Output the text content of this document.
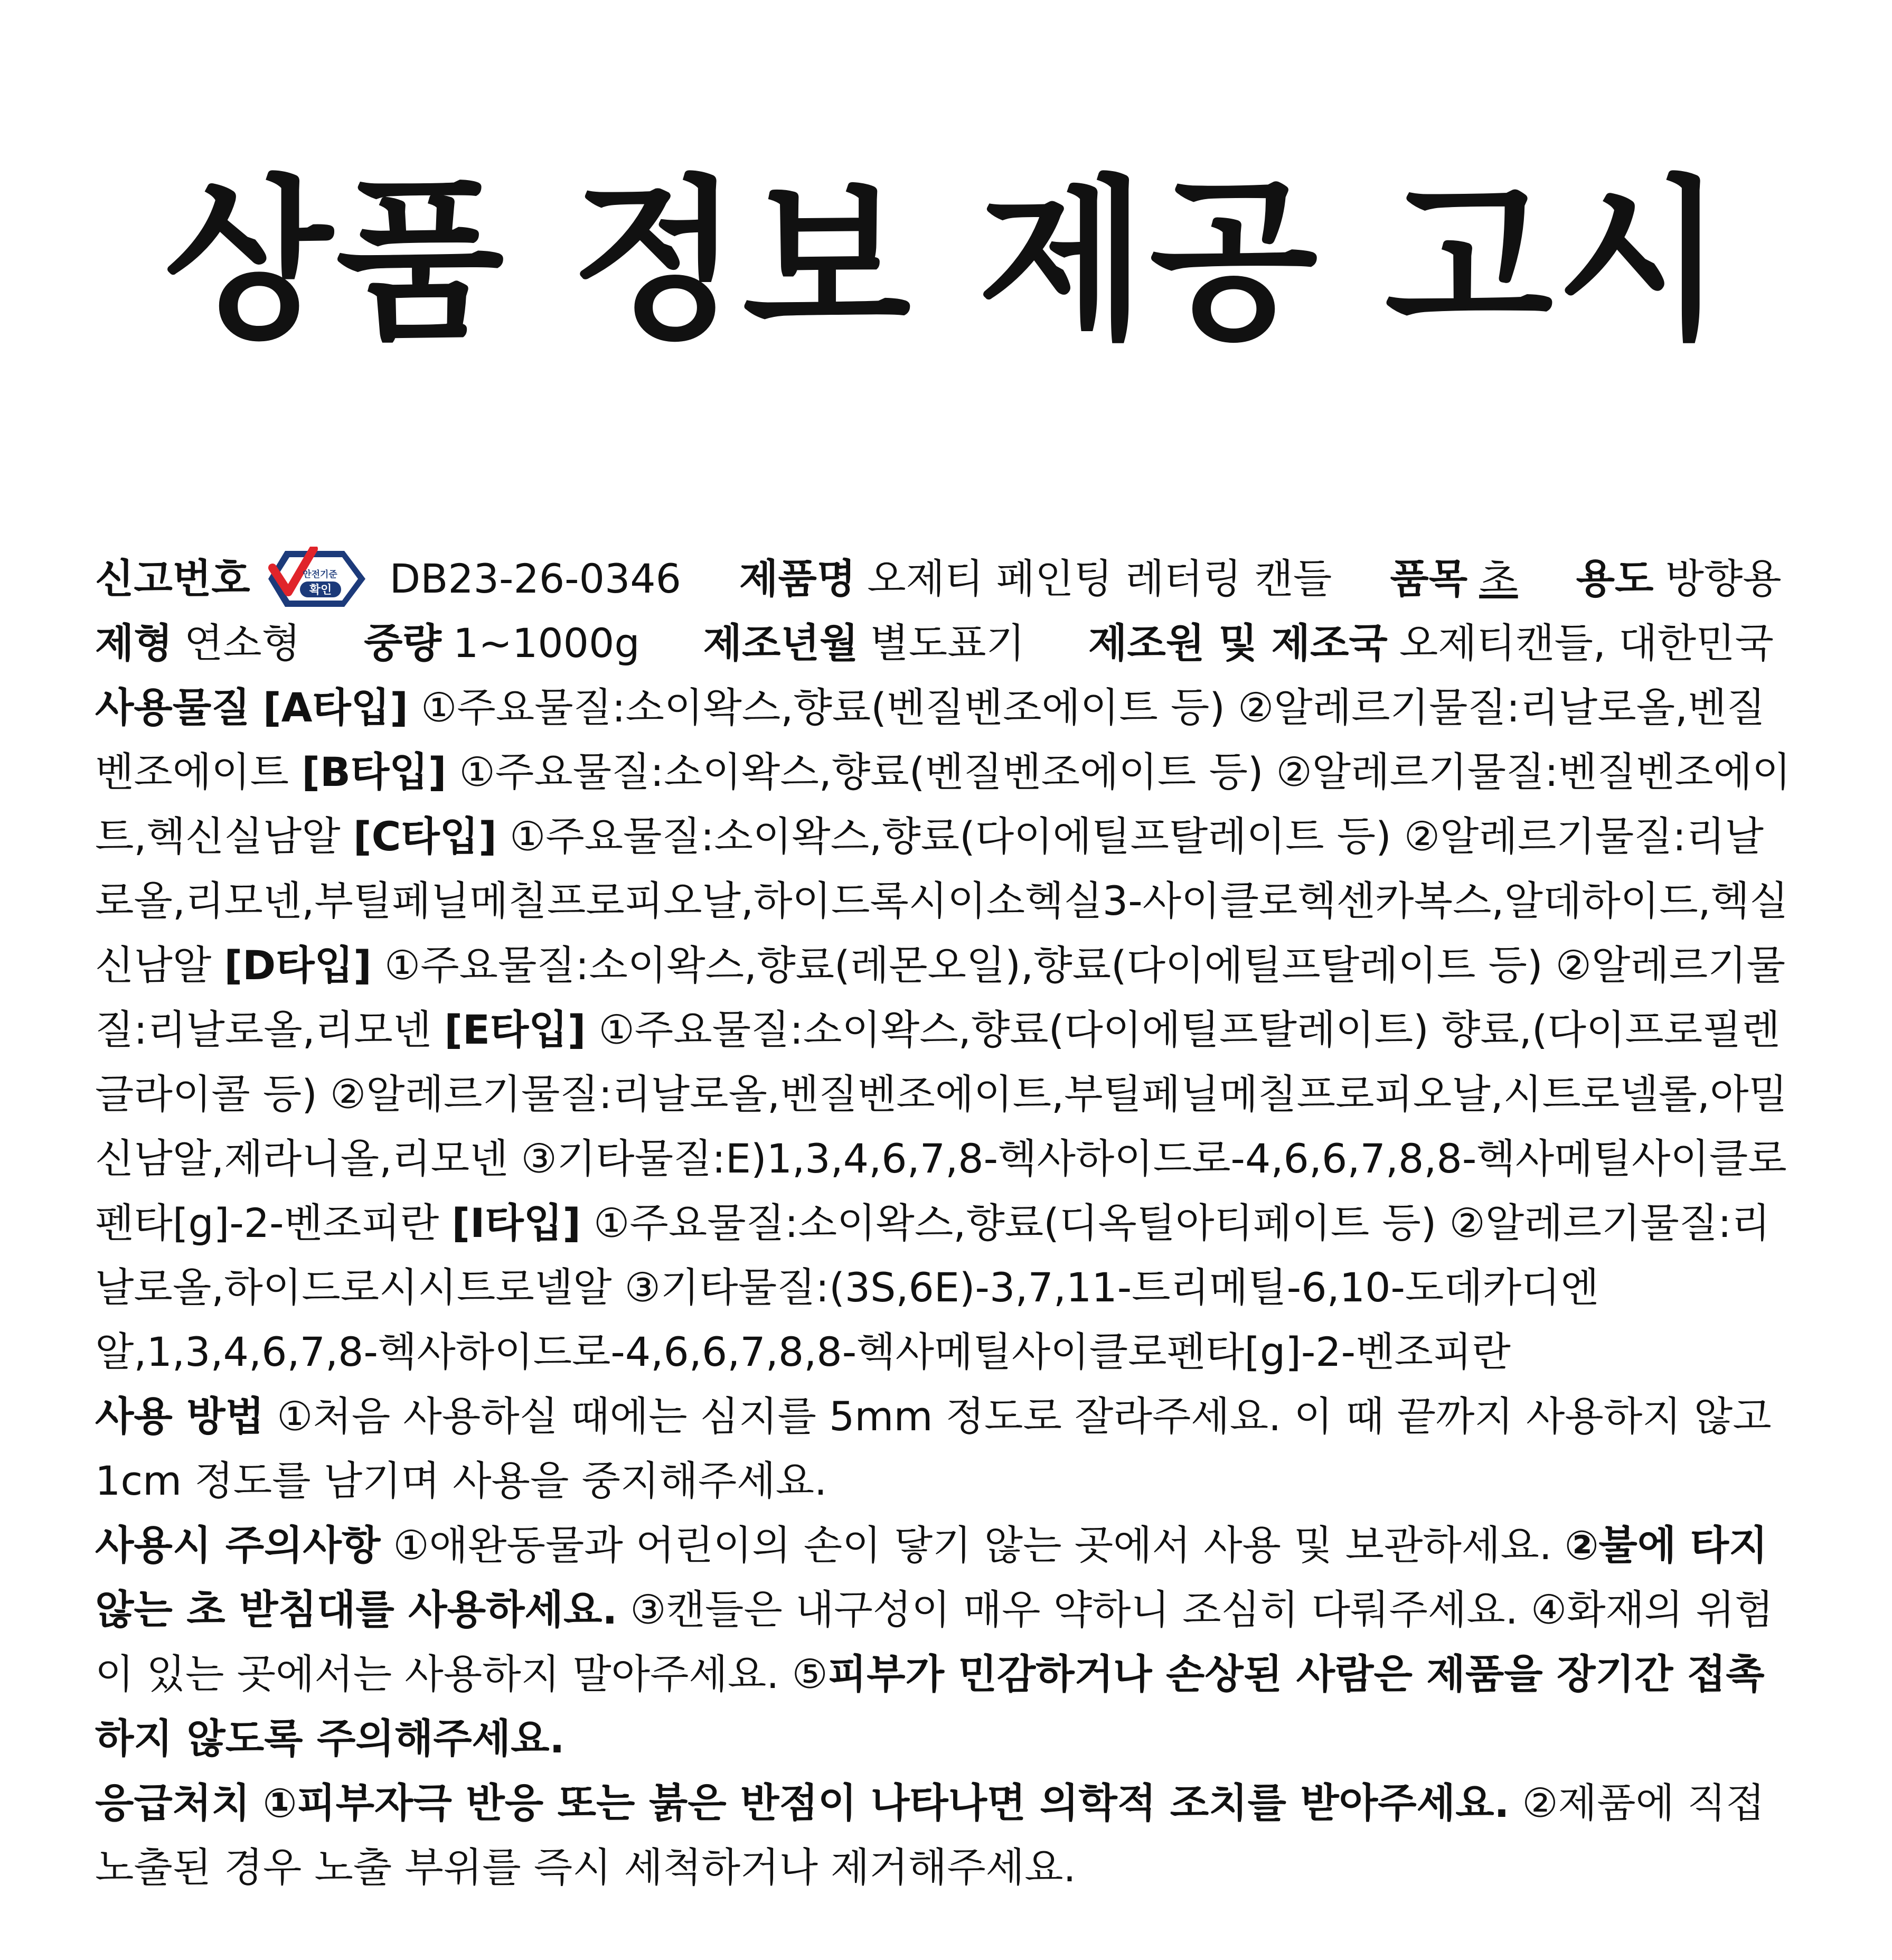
상품 정보 제공 고시
신고번호	안전기준
확인 DB23-26-0346 제품명 오제티 페인팅 레터링 캔들 품목 초 용도 방향용
제형 연소형 중량 1~1000g 제조년월 별도표기 제조원 및 제조국 오제티캔들, 대한민국

사용물질 [A타입] ①주요물질:소이왁스,향료(벤질벤조에이트 등) ②알레르기물질:리날로올,벤질벤조에이트 [B타입] ①주요물질:소이왁스,향료(벤질벤조에이트 등) ②알레르기물질:벤질벤조에이트,헥신실남알 [C타입] ①주요물질:소이왁스,향료(다이에틸프탈레이트 등) ②알레르기물질:리날로올,리모넨,부틸페닐메칠프로피오날,하이드록시이소헥실3-사이클로헥센카복스,알데하이드,헥실신남알 [D타입] ①주요물질:소이왁스,향료(레몬오일),향료(다이에틸프탈레이트 등) ②알레르기물질:리날로올,리모넨 [E타입] ①주요물질:소이왁스,향료(다이에틸프탈레이트) 향료,(다이프로필렌글라이콜 등) ②알레르기물질:리날로올,벤질벤조에이트,부틸페닐메칠프로피오날,시트로넬롤,아밀신남알,제라니올,리모넨 ③기타물질:E)1,3,4,6,7,8-헥사하이드로-4,6,6,7,8,8-헥사메틸사이클로펜타[g]-2-벤조피란 [I타입] ①주요물질:소이왁스,향료(디옥틸아티페이트 등) ②알레르기물질:리날로올,하이드로시시트로넬알 ③기타물질:(3S,6E)-3,7,11-트리메틸-6,10-도데카디엔알,1,3,4,6,7,8-헥사하이드로-4,6,6,7,8,8-헥사메틸사이클로펜타[g]-2-벤조피란

사용 방법 ①처음 사용하실 때에는 심지를 5mm 정도로 잘라주세요. 이 때 끝까지 사용하지 않고 1cm 정도를 남기며 사용을 중지해주세요.

사용시 주의사항 ①애완동물과 어린이의 손이 닿기 않는 곳에서 사용 및 보관하세요. ②불에 타지 않는 초 받침대를 사용하세요. ③캔들은 내구성이 매우 약하니 조심히 다뤄주세요. ④화재의 위험이 있는 곳에서는 사용하지 말아주세요. ⑤피부가 민감하거나 손상된 사람은 제품을 장기간 접촉하지 않도록 주의해주세요.

응급처치 ①피부자극 반응 또는 붉은 반점이 나타나면 의학적 조치를 받아주세요. ②제품에 직접 노출된 경우 노출 부위를 즉시 세척하거나 제거해주세요.
